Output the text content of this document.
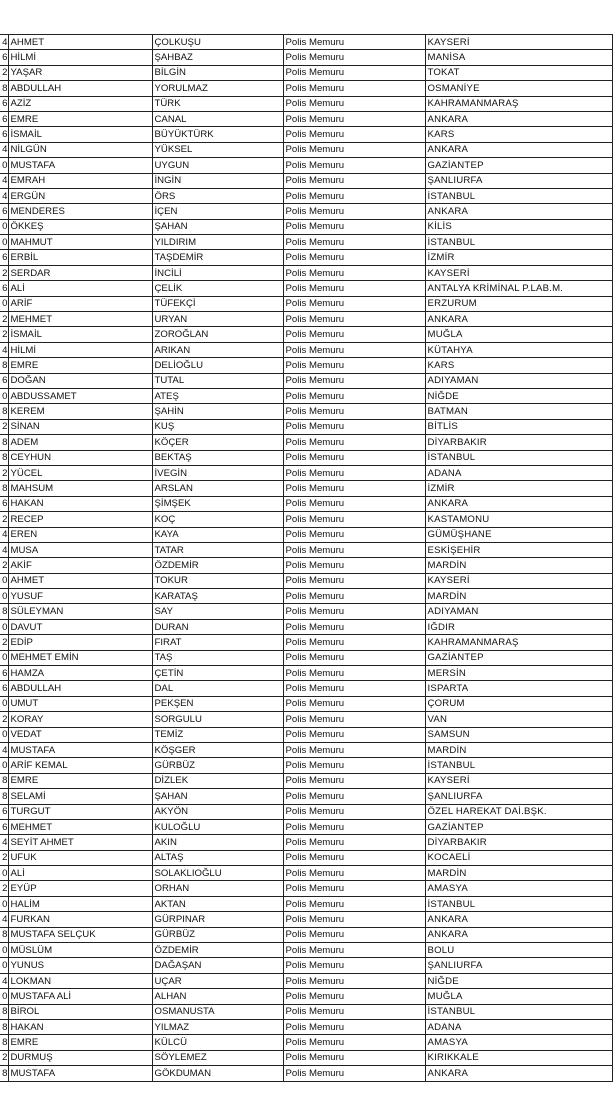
4	AHMET	ÇOLKUŞU	Polis Memuru	KAYSERİ
6	HİLMİ	ŞAHBAZ	Polis Memuru	MANİSA
2	YAŞAR	BİLGİN	Polis Memuru	TOKAT
8	ABDULLAH	YORULMAZ	Polis Memuru	OSMANİYE
6	AZİZ	TÜRK	Polis Memuru	KAHRAMANMARAŞ
6	EMRE	CANAL	Polis Memuru	ANKARA
6	İSMAİL	BÜYÜKTÜRK	Polis Memuru	KARS
4	NİLGÜN	YÜKSEL	Polis Memuru	ANKARA
0	MUSTAFA	UYGUN	Polis Memuru	GAZİANTEP
4	EMRAH	İNGİN	Polis Memuru	ŞANLIURFA
4	ERGÜN	ÖRS	Polis Memuru	İSTANBUL
6	MENDERES	İÇEN	Polis Memuru	ANKARA
0	ÖKKEŞ	ŞAHAN	Polis Memuru	KİLİS
0	MAHMUT	YILDIRIM	Polis Memuru	İSTANBUL
6	ERBİL	TAŞDEMİR	Polis Memuru	İZMİR
2	SERDAR	İNCİLİ	Polis Memuru	KAYSERİ
6	ALİ	ÇELİK	Polis Memuru	ANTALYA KRİMİNAL P.LAB.M.
0	ARİF	TÜFEKÇİ	Polis Memuru	ERZURUM
2	MEHMET	URYAN	Polis Memuru	ANKARA
2	İSMAİL	ZOROĞLAN	Polis Memuru	MUĞLA
4	HİLMİ	ARIKAN	Polis Memuru	KÜTAHYA
8	EMRE	DELİOĞLU	Polis Memuru	KARS
6	DOĞAN	TUTAL	Polis Memuru	ADIYAMAN
0	ABDUSSAMET	ATEŞ	Polis Memuru	NİĞDE
8	KEREM	ŞAHİN	Polis Memuru	BATMAN
2	SİNAN	KUŞ	Polis Memuru	BİTLİS
8	ADEM	KÖÇER	Polis Memuru	DİYARBAKIR
8	CEYHUN	BEKTAŞ	Polis Memuru	İSTANBUL
2	YÜCEL	İVEGİN	Polis Memuru	ADANA
8	MAHSUM	ARSLAN	Polis Memuru	İZMİR
6	HAKAN	ŞİMŞEK	Polis Memuru	ANKARA
2	RECEP	KOÇ	Polis Memuru	KASTAMONU
4	EREN	KAYA	Polis Memuru	GÜMÜŞHANE
4	MUSA	TATAR	Polis Memuru	ESKİŞEHİR
2	AKİF	ÖZDEMİR	Polis Memuru	MARDİN
0	AHMET	TOKUR	Polis Memuru	KAYSERİ
0	YUSUF	KARATAŞ	Polis Memuru	MARDİN
8	SÜLEYMAN	SAY	Polis Memuru	ADIYAMAN
0	DAVUT	DURAN	Polis Memuru	IĞDIR
2	EDİP	FIRAT	Polis Memuru	KAHRAMANMARAŞ
0	MEHMET EMİN	TAŞ	Polis Memuru	GAZİANTEP
6	HAMZA	ÇETİN	Polis Memuru	MERSİN
6	ABDULLAH	DAL	Polis Memuru	ISPARTA
0	UMUT	PEKŞEN	Polis Memuru	ÇORUM
2	KORAY	SORGULU	Polis Memuru	VAN
0	VEDAT	TEMİZ	Polis Memuru	SAMSUN
4	MUSTAFA	KÖŞGER	Polis Memuru	MARDİN
0	ARİF KEMAL	GÜRBÜZ	Polis Memuru	İSTANBUL
8	EMRE	DİZLEK	Polis Memuru	KAYSERİ
8	SELAMİ	ŞAHAN	Polis Memuru	ŞANLIURFA
6	TURGUT	AKYÖN	Polis Memuru	ÖZEL HAREKAT DAİ.BŞK.
6	MEHMET	KULOĞLU	Polis Memuru	GAZİANTEP
4	SEYİT AHMET	AKIN	Polis Memuru	DİYARBAKIR
2	UFUK	ALTAŞ	Polis Memuru	KOCAELİ
0	ALİ	SOLAKLIOĞLU	Polis Memuru	MARDİN
2	EYÜP	ORHAN	Polis Memuru	AMASYA
0	HALİM	AKTAN	Polis Memuru	İSTANBUL
4	FURKAN	GÜRPINAR	Polis Memuru	ANKARA
8	MUSTAFA SELÇUK	GÜRBÜZ	Polis Memuru	ANKARA
0	MÜSLÜM	ÖZDEMİR	Polis Memuru	BOLU
0	YUNUS	DAĞAŞAN	Polis Memuru	ŞANLIURFA
4	LOKMAN	UÇAR	Polis Memuru	NİĞDE
0	MUSTAFA ALİ	ALHAN	Polis Memuru	MUĞLA
8	BİROL	OSMANUSTA	Polis Memuru	İSTANBUL
8	HAKAN	YILMAZ	Polis Memuru	ADANA
8	EMRE	KÜLCÜ	Polis Memuru	AMASYA
2	DURMUŞ	SÖYLEMEZ	Polis Memuru	KIRIKKALE
8	MUSTAFA	GÖKDUMAN	Polis Memuru	ANKARA
